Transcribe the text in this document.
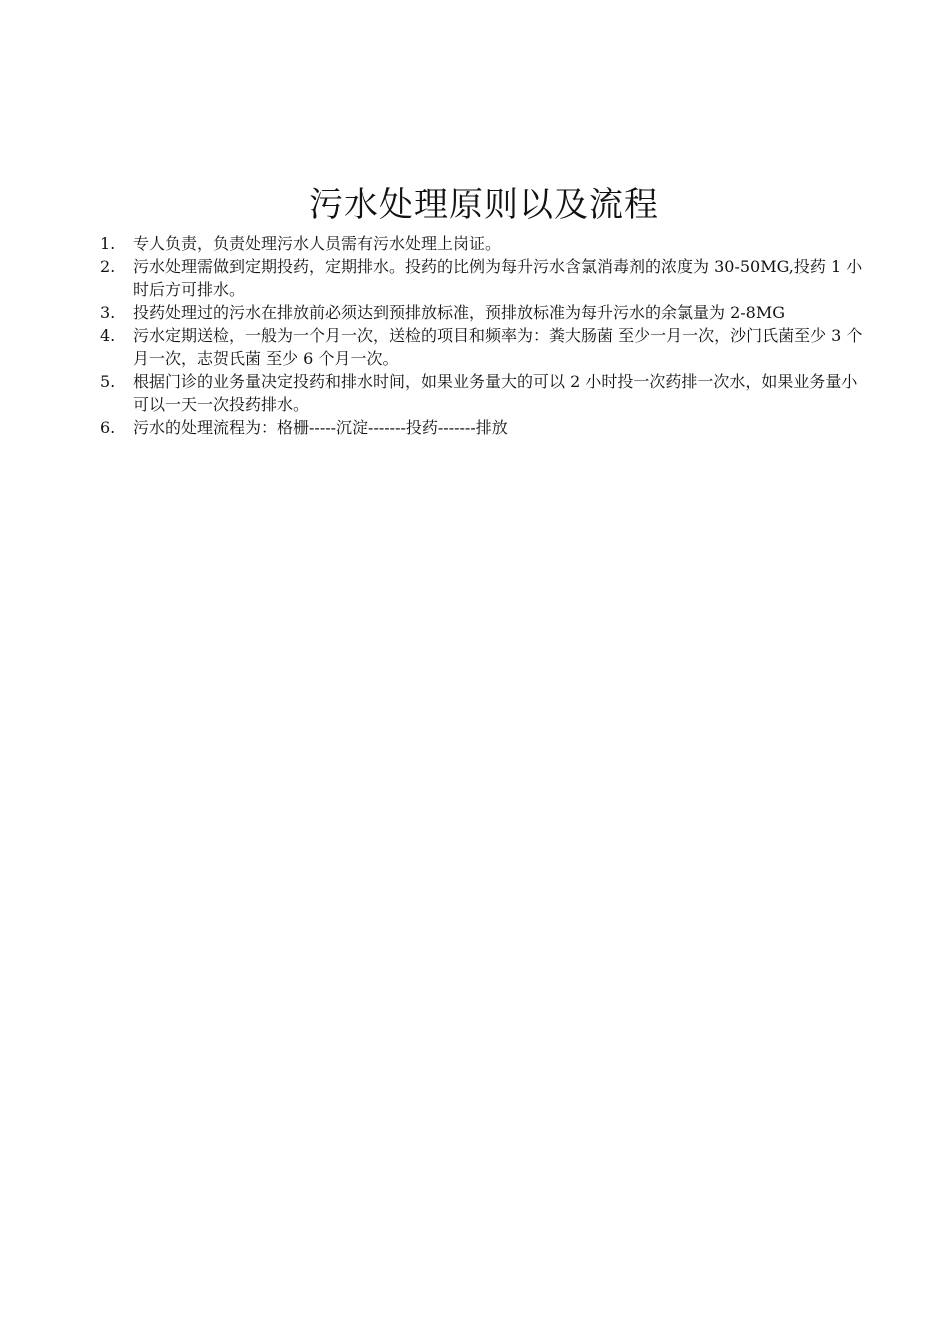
污水处理原则以及流程
1.	专人负责，负责处理污水人员需有污水处理上岗证。
2.	污水处理需做到定期投药，定期排水。投药的比例为每升污水含氯消毒剂的浓度为 30-50MG,投药 1 小时后方可排水。
3.	投药处理过的污水在排放前必须达到预排放标准，预排放标准为每升污水的余氯量为 2-8MG
4.	污水定期送检，一般为一个月一次，送检的项目和频率为：粪大肠菌 至少一月一次，沙门氏菌至少 3 个月一次，志贺氏菌 至少 6 个月一次。
5.	根据门诊的业务量决定投药和排水时间，如果业务量大的可以 2 小时投一次药排一次水，如果业务量小可以一天一次投药排水。
6.	污水的处理流程为：格栅-----沉淀-------投药-------排放
